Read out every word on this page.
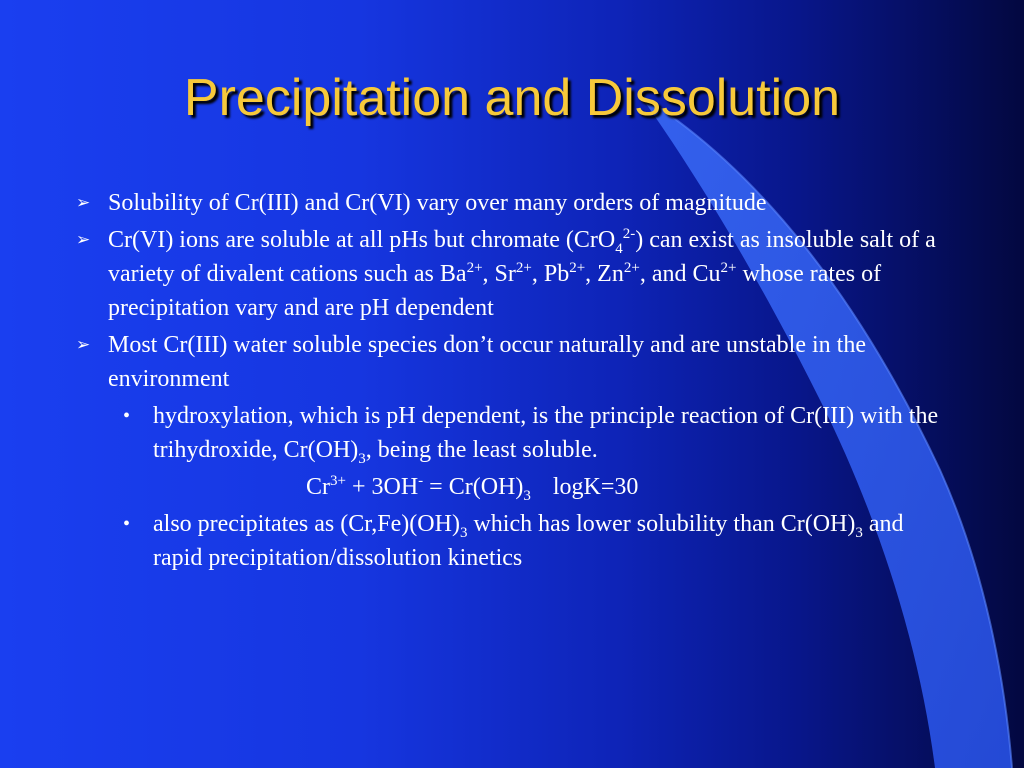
Precipitation and Dissolution
➢ Solubility of Cr(III) and Cr(VI) vary over many orders of magnitude
➢ Cr(VI) ions are soluble at all pHs but chromate (CrO$_4^{2-}$) can exist as insoluble salt of a variety of divalent cations such as $Ba^{2+}$, $Sr^{2+}$, $Pb^{2+}$, $Zn^{2+}$, and $Cu^{2+}$ whose rates of precipitation vary and are pH dependent
➢ Most Cr(III) water soluble species don’t occur naturally and are unstable in the environment
• hydroxylation, which is pH dependent, is the principle reaction of Cr(III) with the trihydroxide, $Cr(OH)_3$, being the least soluble.
$Cr^{3+} + 3OH^- = Cr(OH)_3$ logK=30
• also precipitates as $(Cr,Fe)(OH)_3$ which has lower solubility than $Cr(OH)_3$ and rapid precipitation/dissolution kinetics
